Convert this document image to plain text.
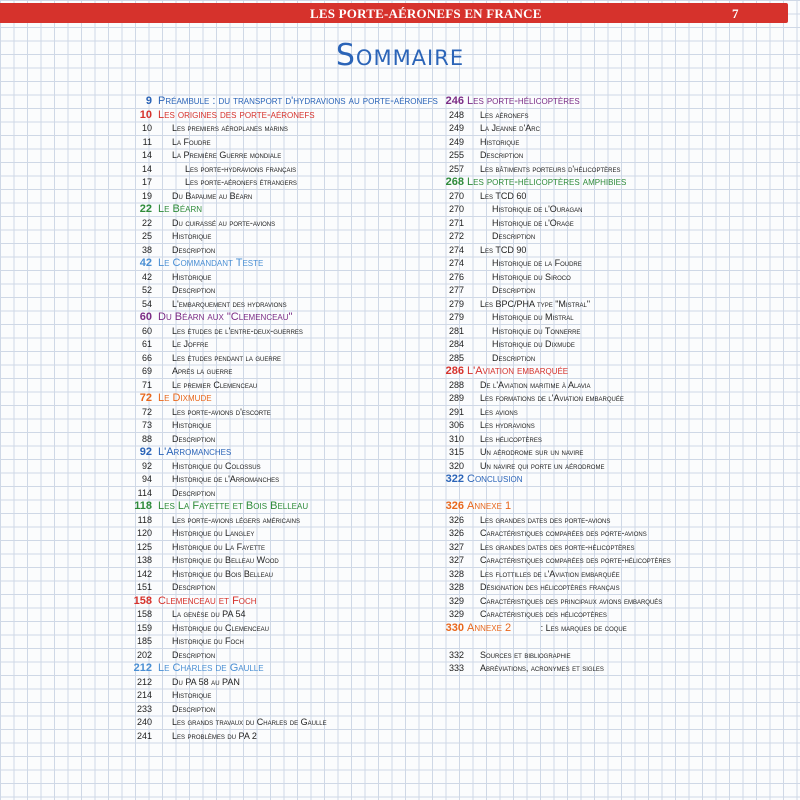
LES PORTE-AÉRONEFS EN FRANCE	7
Sommaire
9 Préambule : du transport d'hydravions au porte-aéronefs
10 Les origines des porte-aéronefs
10 Les premiers aéroplanes marins
11 La Foudre
14 La Première Guerre mondiale
14	Les porte-hydravions français
17	Les porte-aéronefs étrangers
19 Du Bapaume au Béarn
22 Le Béarn
22 Du cuirassé au porte-avions
25 Historique
38 Description
42 Le Commandant Teste
42 Historique
52 Description
54 L'embarquement des hydravions
60 Du Béarn aux "Clemenceau"
60 Les études de l'entre-deux-guerres
61 Le Joffre
66 Les études pendant la guerre
69 Après la guerre
71 Le premier Clemenceau
72 Le Dixmude
72 Les porte-avions d'escorte
73 Historique
88 Description
92 L'Arromanches
92 Historique du Colossus
94 Historique de l'Arromanches
114 Description
118 Les La Fayette et Bois Belleau
118 Les porte-avions légers américains
120 Historique du Langley
125 Historique du La Fayette
138 Historique du Belleau Wood
142 Historique du Bois Belleau
151 Description
158 Clemenceau et Foch
158 La genèse du PA 54
159 Historique du Clemenceau
185 Historique du Foch
202 Description
212 Le Charles de Gaulle
212 Du PA 58 au PAN
214 Historique
233 Description
240 Les grands travaux du Charles de Gaulle
241 Les problèmes du PA 2
246 Les porte-hélicoptères
248 Les aéronefs
249 La Jeanne d'Arc
249 Historique
255 Description
257 Les bâtiments porteurs d'hélicoptères
268 Les porte-hélicoptères amphibies
270 Les TCD 60
270	Historique de l'Ouragan
271	Historique de l'Orage
272	Description
274 Les TCD 90
274	Historique de la Foudre
276	Historique du Siroco
277	Description
279 Les BPC/PHA type "Mistral"
279	Historique du Mistral
281	Historique du Tonnerre
284	Historique du Dixmude
285	Description
286 L'Aviation embarquée
288 De l'Aviation maritime à Alavia
289 Les formations de l'Aviation embarquée
291 Les avions
306 Les hydravions
310 Les hélicoptères
315 Un aérodrome sur un navire
320 Un navire qui porte un aérodrome
322 Conclusion
326 Annexe 1
326 Les grandes dates des porte-avions
326 Caractéristiques comparées des porte-avions
327 Les grandes dates des porte-hélicoptères
327 Caractéristiques comparées des porte-hélicoptères
328 Les flottilles de l'Aviation embarquée
328 Désignation des hélicoptères français
329 Caractéristiques des principaux avions embarqués
329 Caractéristiques des hélicoptères
330 Annexe 2	: Les marques de coque
332 Sources et bibliographie
333 Abréviations, acronymes et sigles
